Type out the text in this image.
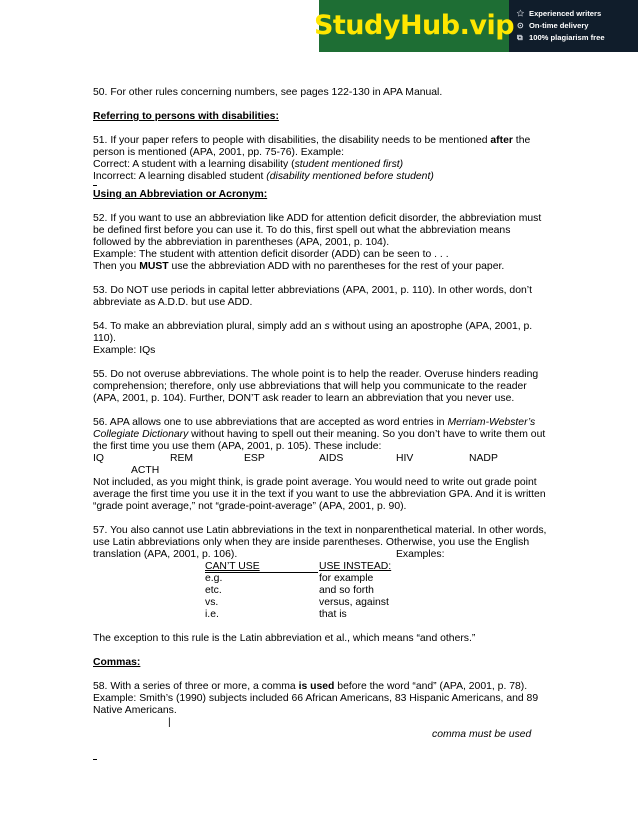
StudyHub.vip ✩ Experienced writers
⊙ On-time delivery
⧉ 100% plagiarism free

50. For other rules concerning numbers, see pages 122-130 in APA Manual.

Referring to persons with disabilities:

51. If your paper refers to people with disabilities, the disability needs to be mentioned after the person is mentioned (APA, 2001, pp. 75-76). Example:
Correct: A student with a learning disability (student mentioned first)
Incorrect: A learning disabled student (disability mentioned before student)

Using an Abbreviation or Acronym:

52. If you want to use an abbreviation like ADD for attention deficit disorder, the abbreviation must be defined first before you can use it. To do this, first spell out what the abbreviation means followed by the abbreviation in parentheses (APA, 2001, p. 104).
Example: The student with attention deficit disorder (ADD) can be seen to . . .
Then you MUST use the abbreviation ADD with no parentheses for the rest of your paper.

53. Do NOT use periods in capital letter abbreviations (APA, 2001, p. 110). In other words, don’t abbreviate as A.D.D. but use ADD.

54. To make an abbreviation plural, simply add an s without using an apostrophe (APA, 2001, p. 110).
Example: IQs

55. Do not overuse abbreviations. The whole point is to help the reader. Overuse hinders reading comprehension; therefore, only use abbreviations that will help you communicate to the reader (APA, 2001, p. 104). Further, DON’T ask reader to learn an abbreviation that you never use.

56. APA allows one to use abbreviations that are accepted as word entries in Merriam-Webster’s Collegiate Dictionary without having to spell out their meaning. So you don’t have to write them out the first time you use them (APA, 2001, p. 105). These include:

IQ	REM	ESP	AIDS	HIV	NADP
ACTH

Not included, as you might think, is grade point average. You would need to write out grade point average the first time you use it in the text if you want to use the abbreviation GPA. And it is written “grade point average,” not “grade-point-average” (APA, 2001, p. 90).

57. You also cannot use Latin abbreviations in the text in nonparenthetical material. In other words, use Latin abbreviations only when they are inside parentheses. Otherwise, you use the English translation (APA, 2001, p. 106).	Examples:
CAN’T USE	USE INSTEAD:
e.g.	for example
etc.	and so forth
vs.	versus, against
i.e.	that is

The exception to this rule is the Latin abbreviation et al., which means “and others.”

Commas:

58. With a series of three or more, a comma is used before the word “and” (APA, 2001, p. 78).
Example: Smith’s (1990) subjects included 66 African Americans, 83 Hispanic Americans, and 89 Native Americans.

|
comma must be used
